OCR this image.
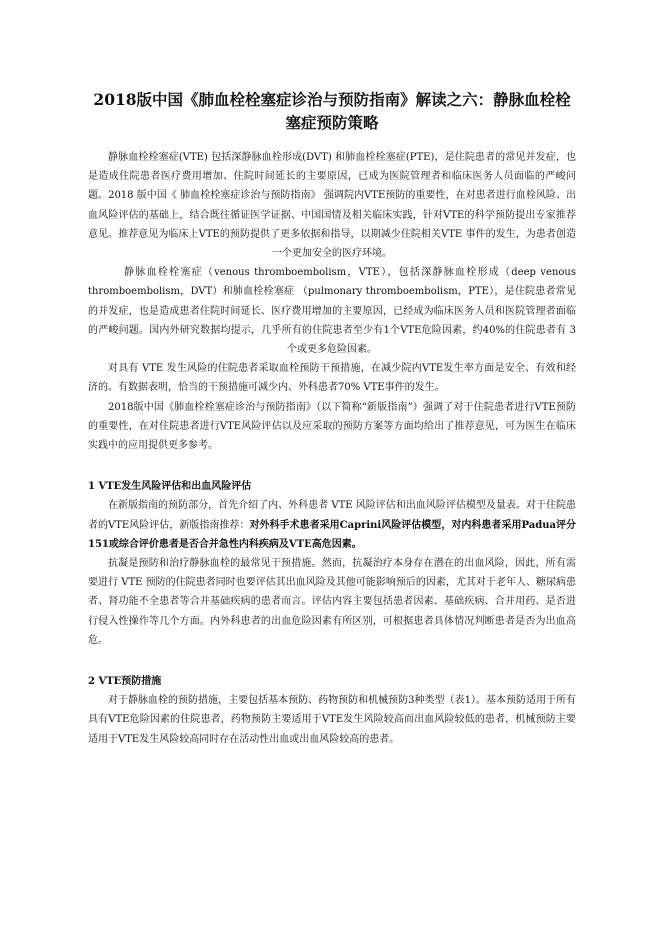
2018版中国《肺血栓栓塞症诊治与预防指南》解读之六：静脉血栓栓塞症预防策略

静脉血栓栓塞症(VTE) 包括深静脉血栓形成(DVT) 和肺血栓栓塞症(PTE)，是住院患者的常见并发症，也是造成住院患者医疗费用增加、住院时间延长的主要原因，已成为医院管理者和临床医务人员面临的严峻问题。2018 版中国《 肺血栓栓塞症诊治与预防指南》 强调院内VTE预防的重要性，在对患者进行血栓风险、出血风险评估的基础上，结合既往循证医学证据、中国国情及相关临床实践，针对VTE的科学预防提出专家推荐意见。推荐意见为临床上VTE的预防提供了更多依据和指导，以期减少住院相关VTE 事件的发生，为患者创造一个更加安全的医疗环境。

静脉血栓栓塞症（venous thromboembolism，VTE），包括深静脉血栓形成（deep venous thromboembolism，DVT）和肺血栓栓塞症 （pulmonary thromboembolism，PTE），是住院患者常见的并发症，也是造成患者住院时间延长、医疗费用增加的主要原因，已经成为临床医务人员和医院管理者面临的严峻问题。国内外研究数据均提示，几乎所有的住院患者至少有1个VTE危险因素，约40%的住院患者有 3 个或更多危险因素。

对具有 VTE 发生风险的住院患者采取血栓预防干预措施，在减少院内VTE发生率方面是安全、有效和经济的。有数据表明，恰当的干预措施可减少内、外科患者70% VTE事件的发生。

2018版中国《肺血栓栓塞症诊治与预防指南》（以下简称“新版指南”）强调了对于住院患者进行VTE预防的重要性，在对住院患者进行VTE风险评估以及应采取的预防方案等方面均给出了推荐意见，可为医生在临床实践中的应用提供更多参考。

1 VTE发生风险评估和出血风险评估

在新版指南的预防部分，首先介绍了内、外科患者 VTE 风险评估和出血风险评估模型及量表。对于住院患者的VTE风险评估，新版指南推荐：对外科手术患者采用Caprini风险评估模型，对内科患者采用Padua评分151或综合评价患者是否合并急性内科疾病及VTE高危因素。

抗凝是预防和治疗静脉血栓的最常见干预措施。然而，抗凝治疗本身存在潜在的出血风险，因此，所有需要进行 VTE 预防的住院患者同时也要评估其出血风险及其他可能影响预后的因素，尤其对于老年人、糖尿病患者、肾功能不全患者等合并基础疾病的患者而言。评估内容主要包括患者因素、基础疾病、合并用药、是否进行侵入性操作等几个方面。内外科患者的出血危险因素有所区别，可根据患者具体情况判断患者是否为出血高危。

2 VTE预防措施

对于静脉血栓的预防措施，主要包括基本预防、药物预防和机械预防3种类型（表1）。基本预防适用于所有具有VTE危险因素的住院患者，药物预防主要适用于VTE发生风险较高而出血风险较低的患者，机械预防主要适用于VTE发生风险较高同时存在活动性出血或出血风险较高的患者。
